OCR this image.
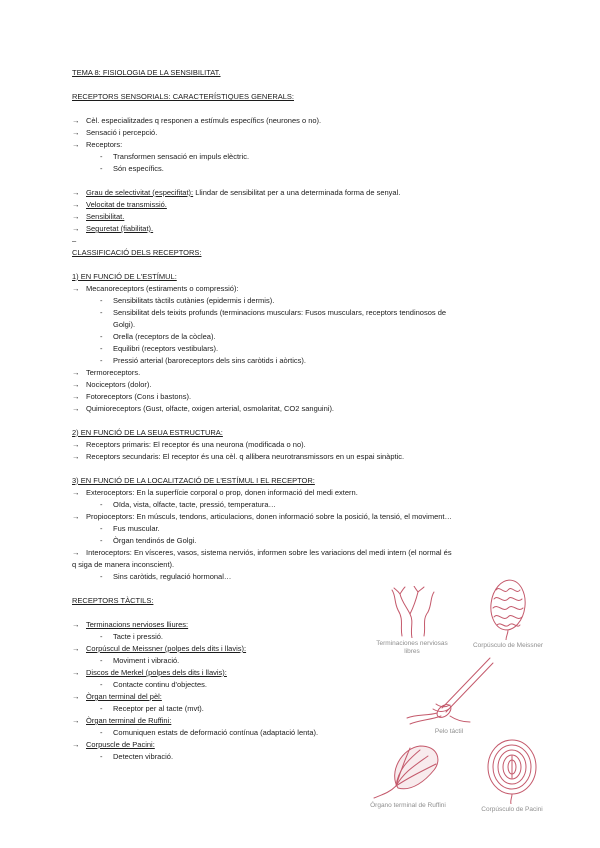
TEMA 8: FISIOLOGIA DE LA SENSIBILITAT.
RECEPTORS SENSORIALS: CARACTERÍSTIQUES GENERALS:
→ Cèl. especialitzades q responen a estímuls específics (neurones o no).
→ Sensació i percepció.
→ Receptors:
- Transformen sensació en impuls elèctric.
- Són específics.
→ Grau de selectivitat (especifitat): Llindar de sensibilitat per a una determinada forma de senyal.
→ Velocitat de transmissió.
→ Sensibilitat.
→ Seguretat (fiabilitat).
–
CLASSIFICACIÓ DELS RECEPTORS:
1) EN FUNCIÓ DE L'ESTÍMUL:
→ Mecanoreceptors (estiraments o compressió):
- Sensibilitats tàctils cutànies (epidermis i dermis).
- Sensibilitat dels teixits profunds (terminacions musculars: Fusos musculars, receptors tendinosos de
Golgi).
- Orella (receptors de la còclea).
- Equilibri (receptors vestibulars).
- Pressió arterial (baroreceptors dels sins caròtids i aòrtics).
→ Termoreceptors.
→ Nociceptors (dolor).
→ Fotoreceptors (Cons i bastons).
→ Quimioreceptors (Gust, olfacte, oxigen arterial, osmolaritat, CO2 sanguini).
2) EN FUNCIÓ DE LA SEUA ESTRUCTURA:
→ Receptors primaris: El receptor és una neurona (modificada o no).
→ Receptors secundaris: El receptor és una cèl. q allibera neurotransmissors en un espai sinàptic.
3) EN FUNCIÓ DE LA LOCALITZACIÓ DE L'ESTÍMUL I EL RECEPTOR:
→ Exteroceptors: En la superfície corporal o prop, donen informació del medi extern.
- Oïda, vista, olfacte, tacte, pressió, temperatura…
→ Propioceptors: En músculs, tendons, articulacions, donen informació sobre la posició, la tensió, el moviment…
- Fus muscular.
- Òrgan tendinós de Golgi.
→ Interoceptors: En vísceres, vasos, sistema nerviós, informen sobre les variacions del medi intern (el normal és
q siga de manera inconscient).
- Sins caròtids, regulació hormonal…
RECEPTORS TÀCTILS:
→ Terminacions nervioses lliures:
- Tacte i pressió.
→ Corpúscul de Meissner (polpes dels dits i llavis):
- Moviment i vibració.
→ Discos de Merkel (polpes dels dits i llavis):
- Contacte continu d'objectes.
→ Òrgan terminal del pèl:
- Receptor per al tacte (mvt).
→ Òrgan terminal de Ruffini:
- Comuniquen estats de deformació contínua (adaptació lenta).
→ Corpuscle de Pacini:
- Detecten vibració.
Terminaciones nerviosas libres
Corpúsculo de Meissner
Pelo táctil
Órgano terminal de Ruffini
Corpúsculo de Pacini
